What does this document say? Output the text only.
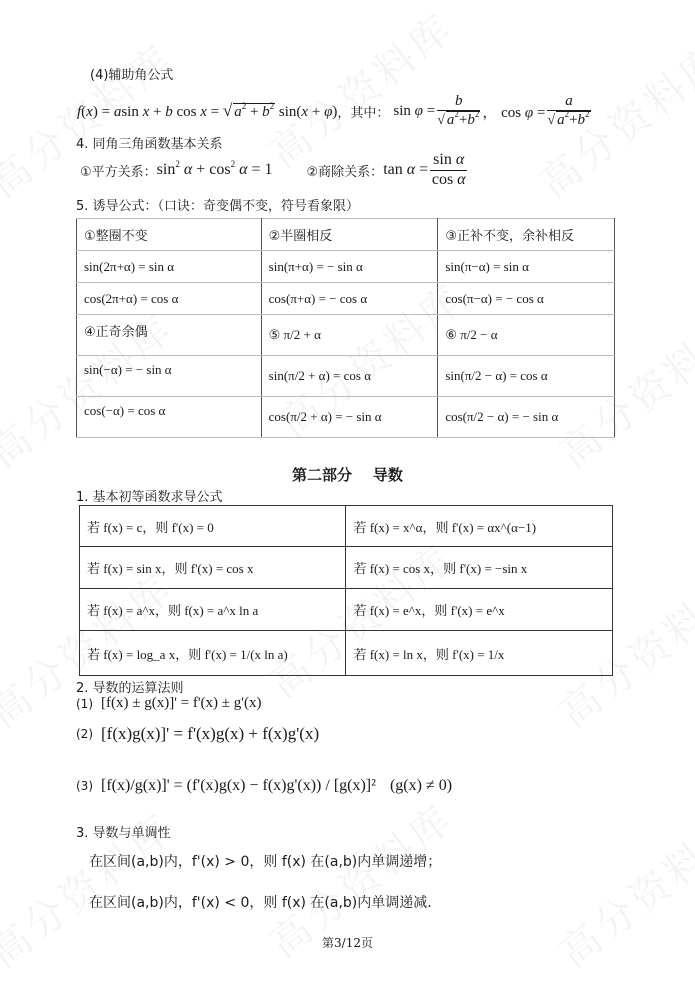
(4)辅助角公式
f(x) = asin x + b cos x = √ $a^2 + b^2$ sin(x + φ) ，其中： $\sin \varphi = \frac{b}{√ a^2+b^2}$ ， $\cos \varphi = \frac{a}{√ a^2+b^2}$
4. 同角三角函数基本关系
①平方关系： $\sin^2 \alpha + \cos^2 \alpha = 1$	②商除关系： $\tan \alpha = \frac{\text{sin α}}{\text{cos α}}$
5. 诱导公式：（口诀：奇变偶不变，符号看象限）
①整圈不变	②半圈相反	③正补不变，余补相反
sin(2π+α) = sin α	sin(π+α) = − sin α	sin(π−α) = sin α
cos(2π+α) = cos α	cos(π+α) = − cos α	cos(π−α) = − cos α
④正奇余偶	⑤ π/2 + α	⑥ π/2 − α
sin(−α) = − sin α	sin(π/2 + α) = cos α	sin(π/2 − α) = cos α
cos(−α) = cos α	cos(π/2 + α) = − sin α	cos(π/2 − α) = − sin α
第二部分    导数
1. 基本初等函数求导公式
若 f(x) = c，则 f'(x) = 0	若 f(x) = x^α，则 f'(x) = αx^(α−1)
若 f(x) = sin x，则 f'(x) = cos x	若 f(x) = cos x，则 f'(x) = −sin x
若 f(x) = a^x，则 f(x) = a^x ln a	若 f(x) = e^x，则 f'(x) = e^x
若 f(x) = log_a x，则 f'(x) = 1/(x ln a)	若 f(x) = ln x，则 f'(x) = 1/x
2. 导数的运算法则
(1) [f(x) ± g(x)]' = f'(x) ± g'(x)
(2) [f(x)g(x)]' = f'(x)g(x) + f(x)g'(x)
(3) [f(x)/g(x)]' = (f'(x)g(x) − f(x)g'(x)) / [g(x)]² (g(x) ≠ 0)
3. 导数与单调性
在区间(a,b)内，f'(x) > 0，则 f(x) 在(a,b)内单调递增；
在区间(a,b)内，f'(x) < 0，则 f(x) 在(a,b)内单调递减.
第3/12页
